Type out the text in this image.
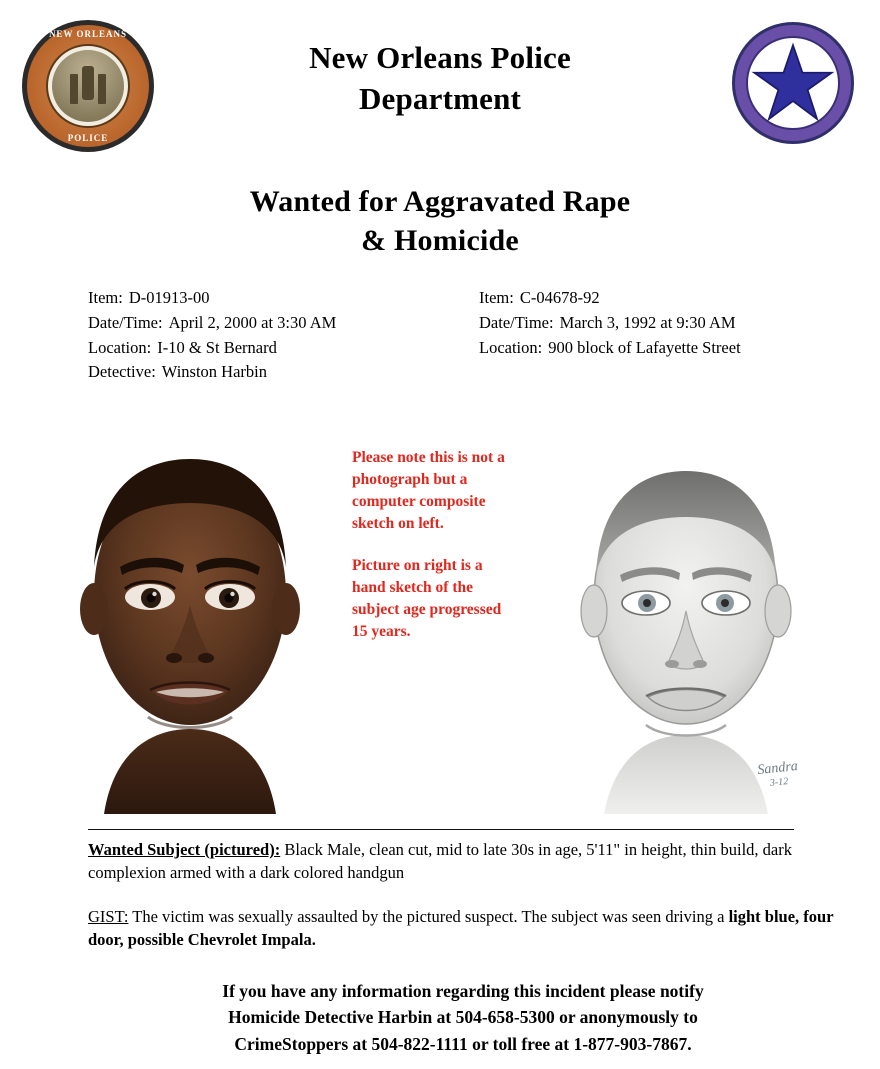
NEW ORLEANS
POLICE
New Orleans Police
Department
Wanted for Aggravated Rape
& Homicide
Item: D-01913-00
Date/Time: April 2, 2000 at 3:30 AM
Location: I-10 & St Bernard
Detective: Winston Harbin
Item: C-04678-92
Date/Time: March 3, 1992 at 9:30 AM
Location: 900 block of Lafayette Street

Please note this is not a photograph but a computer composite sketch on left.

Picture on right is a hand sketch of the subject age progressed 15 years.

Sandra
3-12

Wanted Subject (pictured): Black Male, clean cut, mid to late 30s in age, 5'11" in height, thin build, dark complexion armed with a dark colored handgun

GIST: The victim was sexually assaulted by the pictured suspect. The subject was seen driving a light blue, four door, possible Chevrolet Impala.

If you have any information regarding this incident please notify
Homicide Detective Harbin at 504-658-5300 or anonymously to
CrimeStoppers at 504-822-1111 or toll free at 1-877-903-7867.
